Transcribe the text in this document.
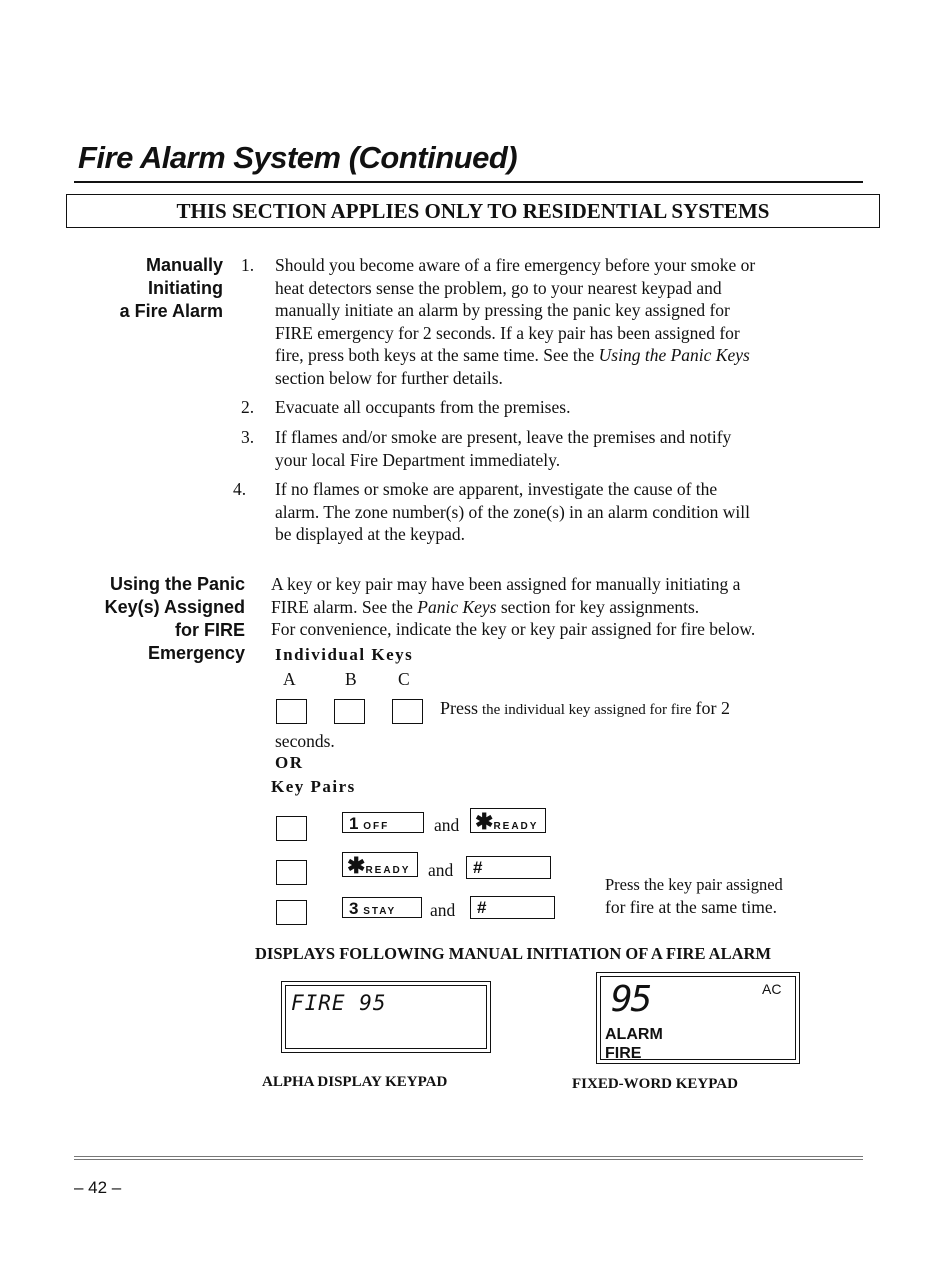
Fire Alarm System (Continued)
THIS SECTION APPLIES ONLY TO RESIDENTIAL SYSTEMS
Manually
Initiating
a Fire Alarm
1. Should you become aware of a fire emergency before your smoke or
heat detectors sense the problem, go to your nearest keypad and
manually initiate an alarm by pressing the panic key assigned for
FIRE emergency for 2 seconds. If a key pair has been assigned for
fire, press both keys at the same time. See the Using the Panic Keys
section below for further details.
2. Evacuate all occupants from the premises.
3. If flames and/or smoke are present, leave the premises and notify
your local Fire Department immediately.
4. If no flames or smoke are apparent, investigate the cause of the
alarm. The zone number(s) of the zone(s) in an alarm condition will
be displayed at the keypad.
Using the Panic
Key(s) Assigned
for FIRE
Emergency
A key or key pair may have been assigned for manually initiating a
FIRE alarm. See the Panic Keys section for key assignments.
For convenience, indicate the key or key pair assigned for fire below.
Individual Keys
A	B C
Press the individual key assigned for fire for 2
seconds.
OR
Key Pairs
1 OFF	and ✱READY
✱READY	and	#
3 STAY	and	#
Press the key pair assigned
for fire at the same time.
DISPLAYS FOLLOWING MANUAL INITIATION OF A FIRE ALARM
FIRE 95
ALPHA DISPLAY KEYPAD
95	AC
ALARM
FIRE
FIXED-WORD KEYPAD
– 42 –
